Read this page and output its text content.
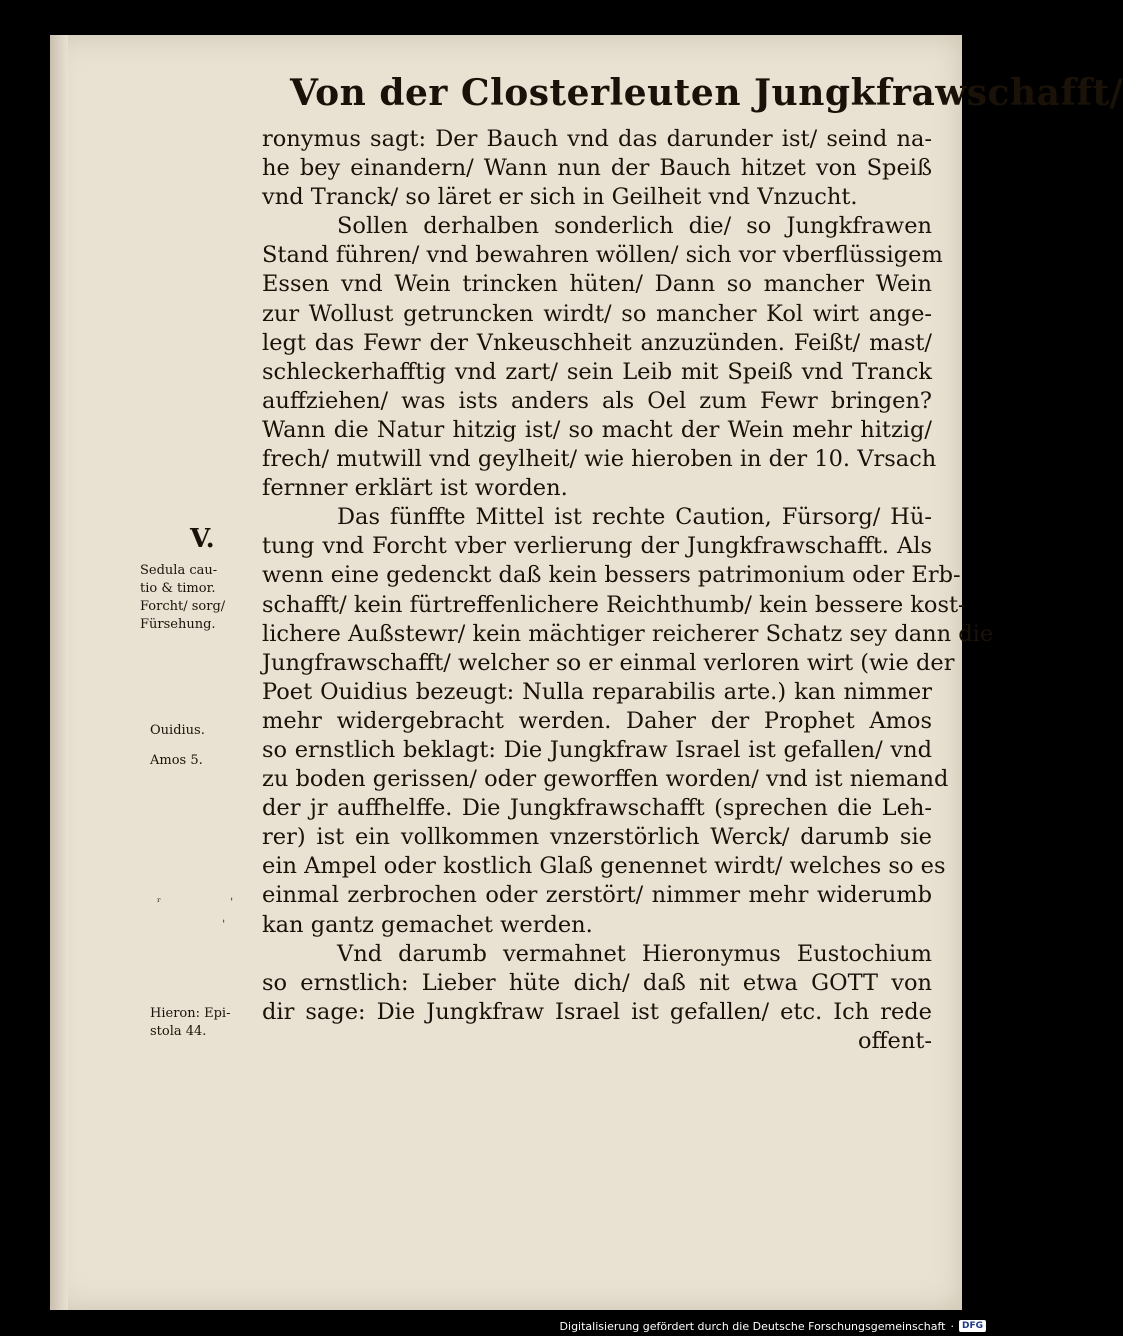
Von der Closterleuten Jungkfrawschafft/
ronymus sagt: Der Bauch vnd das darunder ist/ seind na‑
he bey einandern/ Wann nun der Bauch hitzet von Speiß
vnd Tranck/ so läret er sich in Geilheit vnd Vnzucht.
Sollen derhalben sonderlich die/ so Jungkfrawen
Stand führen/ vnd bewahren wöllen/ sich vor vberflüssigem
Essen vnd Wein trincken hüten/ Dann so mancher Wein
zur Wollust getruncken wirdt/ so mancher Kol wirt ange‑
legt das Fewr der Vnkeuschheit anzuzünden. Feißt/ mast/
schleckerhafftig vnd zart/ sein Leib mit Speiß vnd Tranck
auffziehen/ was ists anders als Oel zum Fewr bringen?
Wann die Natur hitzig ist/ so macht der Wein mehr hitzig/
frech/ mutwill vnd geylheit/ wie hieroben in der 10. Vrsach
fernner erklärt ist worden.
Das fünffte Mittel ist rechte Caution, Fürsorg/ Hü‑
tung vnd Forcht vber verlierung der Jungkfrawschafft. Als
wenn eine gedenckt daß kein bessers patrimonium oder Erb‑
schafft/ kein fürtreffenlichere Reichthumb/ kein bessere kost‑
lichere Außstewr/ kein mächtiger reicherer Schatz sey dann die
Jungfrawschafft/ welcher so er einmal verloren wirt (wie der
Poet Ouidius bezeugt: Nulla reparabilis arte.) kan nimmer
mehr widergebracht werden. Daher der Prophet Amos
so ernstlich beklagt: Die Jungkfraw Israel ist gefallen/ vnd
zu boden gerissen/ oder geworffen worden/ vnd ist niemand
der jr auffhelffe. Die Jungkfrawschafft (sprechen die Leh‑
rer) ist ein vollkommen vnzerstörlich Werck/ darumb sie
ein Ampel oder kostlich Glaß genennet wirdt/ welches so es
einmal zerbrochen oder zerstört/ nimmer mehr widerumb
kan gantz gemachet werden.
Vnd darumb vermahnet Hieronymus Eustochium
so ernstlich: Lieber hüte dich/ daß nit etwa GOTT von
dir sage: Die Jungkfraw Israel ist gefallen/ etc. Ich rede
offent‑
V.
Sedula cau‑
tio & timor.
Forcht/ sorg/
Fürsehung.
Ouidius.
Amos 5.
ʳ
ˌ
ˌ
Hieron: Epi‑
stola 44.
Digitalisierung gefördert durch die Deutsche Forschungsgemeinschaft · DFG
